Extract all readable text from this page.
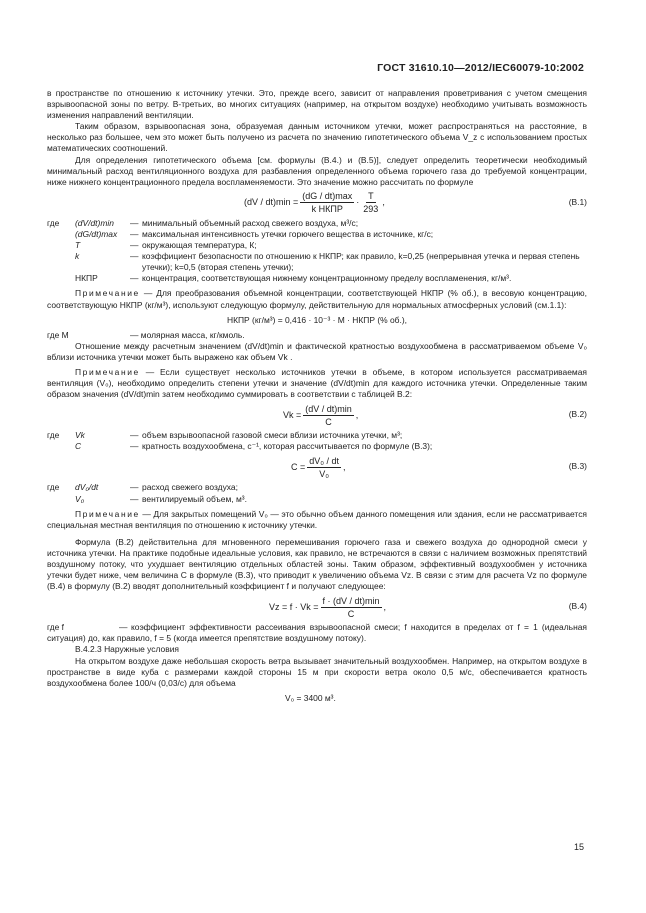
ГОСТ 31610.10—2012/IEC60079-10:2002

в пространстве по отношению к источнику утечки. Это, прежде всего, зависит от направления проветривания с учетом смещения взрывоопасной зоны по ветру. В-третьих, во многих ситуациях (например, на открытом воздухе) необходимо учитывать возможность изменения направлений вентиляции.

Таким образом, взрывоопасная зона, образуемая данным источником утечки, может распространяться на расстояние, в несколько раз большее, чем это может быть получено из расчета по значению гипотетического объема V_z с использованием простых математических соотношений.

Для определения гипотетического объема [см. формулы (В.4.) и (В.5)], следует определить теоретически необходимый минимальный расход вентиляционного воздуха для разбавления определенного объема горючего газа до требуемой концентрации, ниже нижнего концентрационного предела воспламеняемости. Это значение можно рассчитать по формуле

$(dV / dt)\min = \frac{(dG / dt)\max}{\text{k НКПР}} \cdot \frac{T}{293}$ ,	(В.1)
где	(dV/dt)min	— минимальный объемный расход свежего воздуха, м³/с;
(dG/dt)max	— максимальная интенсивность утечки горючего вещества в источнике, кг/с;
T	— окружающая температура, К;
k	— коэффициент безопасности по отношению к НКПР; как правило, k=0,25 (непрерывная утечка и первая степень утечки); k=0,5 (вторая степень утечки);
НКПР	— концентрация, соответствующая нижнему концентрационному пределу воспламенения, кг/м³.

Примечание — Для преобразования объемной концентрации, соответствующей НКПР (% об.), в весовую концентрацию, соответствующую НКПР (кг/м³), используют следующую формулу, действительную для нормальных атмосферных условий (см.1.1):

НКПР (кг/м³) = 0,416 · 10⁻³ · М · НКПР (% об.),

где М	— молярная масса, кг/кмоль.

Отношение между расчетным значением (dV/dt)min и фактической кратностью воздухообмена в рассматриваемом объеме V₀ вблизи источника утечки может быть выражено как объем Vk .

Примечание — Если существует несколько источников утечки в объеме, в котором используется рассматриваемая вентиляция (V₀), необходимо определить степени утечки и значение (dV/dt)min для каждого источника утечки. Определенные таким образом значения (dV/dt)min затем необходимо суммировать в соответствии с таблицей В.2:

$Vk = \frac{(dV / dt)\min}{C}$ ,	(В.2)
где	Vk	— объем взрывоопасной газовой смеси вблизи источника утечки, м³;
C	— кратность воздухообмена, с⁻¹, которая рассчитывается по формуле (В.3);
$C = \frac{\text{dV₀ / dt}}{\text{V₀}}$ ,	(В.3)
где	dV₀/dt	— расход свежего воздуха;
V₀	— вентилируемый объем, м³.

Примечание — Для закрытых помещений V₀ — это обычно объем данного помещения или здания, если не рассматривается специальная местная вентиляция по отношению к источнику утечки.

Формула (В.2) действительна для мгновенного перемешивания горючего газа и свежего воздуха до однородной смеси у источника утечки. На практике подобные идеальные условия, как правило, не встречаются в связи с наличием возможных препятствий воздушному потоку, что ухудшает вентиляцию отдельных областей зоны. Таким образом, эффективный воздухообмен у источника утечки будет ниже, чем величина C в формуле (В.3), что приводит к увеличению объема Vz. В связи с этим для расчета Vz по формуле (В.4) в формулу (В.2) вводят дополнительный коэффициент f и получают следующее:

$Vz = f \cdot Vk = \frac{f \cdot (dV / dt)\min}{C}$ ,	(В.4)

где f	— коэффициент эффективности рассеивания взрывоопасной смеси; f находится в пределах от f = 1 (идеальная ситуация) до, как правило, f = 5 (когда имеется препятствие воздушному потоку).

В.4.2.3 Наружные условия

На открытом воздухе даже небольшая скорость ветра вызывает значительный воздухообмен. Например, на открытом воздухе в пространстве в виде куба с размерами каждой стороны 15 м при скорости ветра около 0,5 м/с, обеспечивается кратность воздухообмена более 100/ч (0,03/с) для объема

V₀ = 3400 м³.

15
